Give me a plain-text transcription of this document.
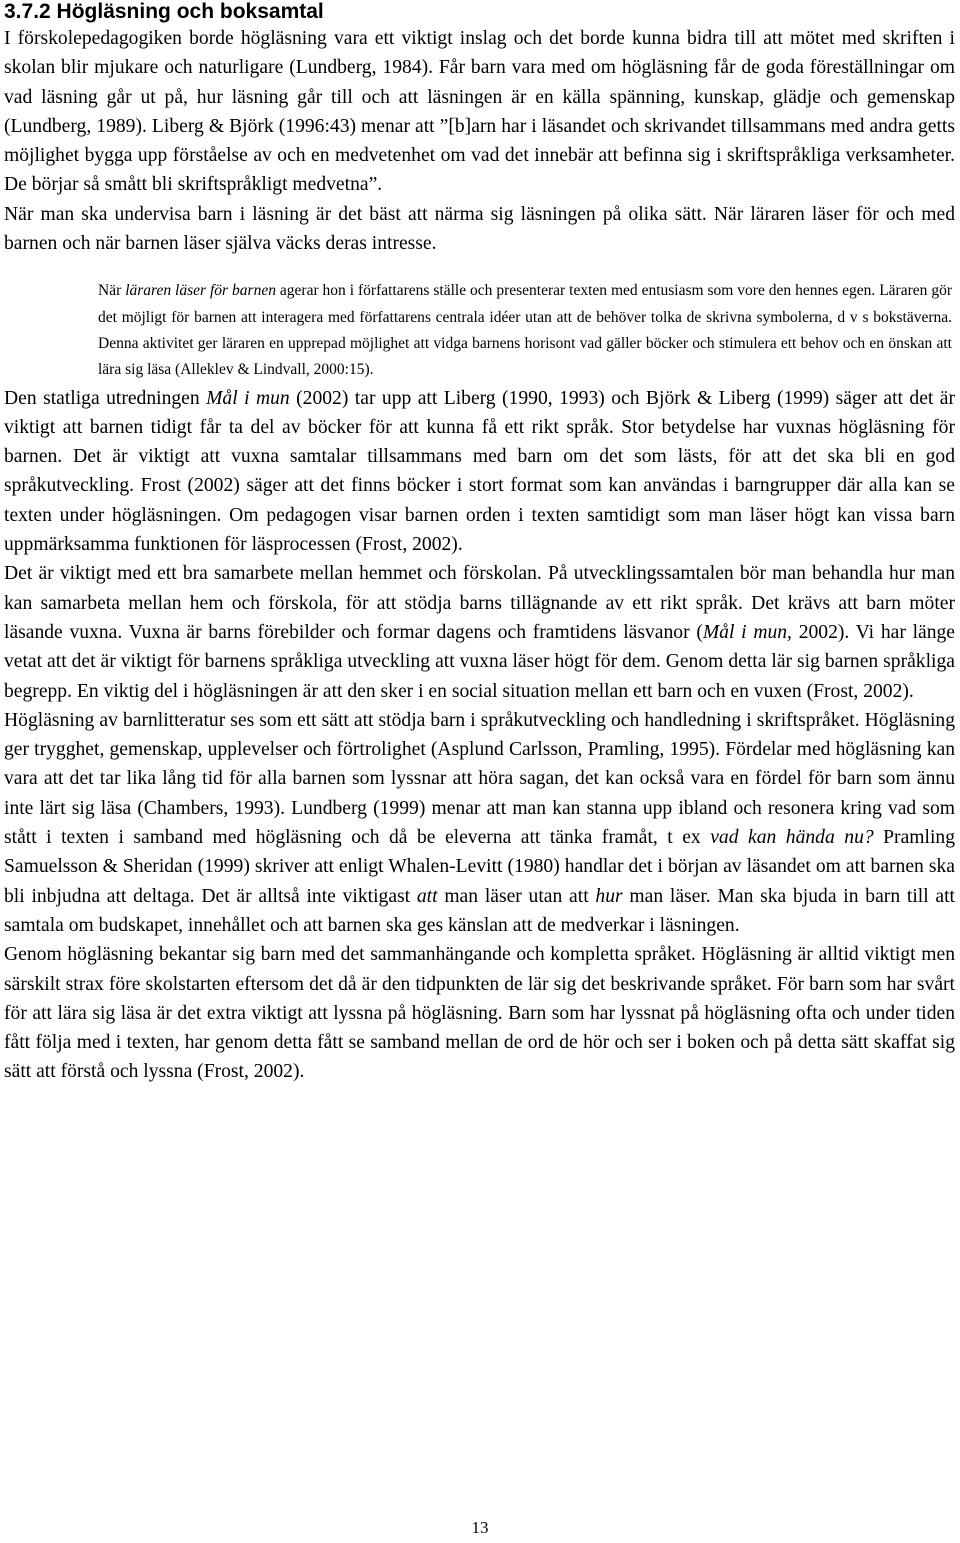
3.7.2 Högläsning och boksamtal

I förskolepedagogiken borde högläsning vara ett viktigt inslag och det borde kunna bidra till att mötet med skriften i skolan blir mjukare och naturligare (Lundberg, 1984). Får barn vara med om högläsning får de goda föreställningar om vad läsning går ut på, hur läsning går till och att läsningen är en källa spänning, kunskap, glädje och gemenskap (Lundberg, 1989). Liberg & Björk (1996:43) menar att ”[b]arn har i läsandet och skrivandet tillsammans med andra getts möjlighet bygga upp förståelse av och en medvetenhet om vad det innebär att befinna sig i skriftspråkliga verksamheter. De börjar så smått bli skriftspråkligt medvetna”.

När man ska undervisa barn i läsning är det bäst att närma sig läsningen på olika sätt. När läraren läser för och med barnen och när barnen läser själva väcks deras intresse.

När läraren läser för barnen agerar hon i författarens ställe och presenterar texten med entusiasm som vore den hennes egen. Läraren gör det möjligt för barnen att interagera med författarens centrala idéer utan att de behöver tolka de skrivna symbolerna, d v s bokstäverna. Denna aktivitet ger läraren en upprepad möjlighet att vidga barnens horisont vad gäller böcker och stimulera ett behov och en önskan att lära sig läsa (Alleklev & Lindvall, 2000:15).

Den statliga utredningen Mål i mun (2002) tar upp att Liberg (1990, 1993) och Björk & Liberg (1999) säger att det är viktigt att barnen tidigt får ta del av böcker för att kunna få ett rikt språk. Stor betydelse har vuxnas högläsning för barnen. Det är viktigt att vuxna samtalar tillsammans med barn om det som lästs, för att det ska bli en god språkutveckling. Frost (2002) säger att det finns böcker i stort format som kan användas i barngrupper där alla kan se texten under högläsningen. Om pedagogen visar barnen orden i texten samtidigt som man läser högt kan vissa barn uppmärksamma funktionen för läsprocessen (Frost, 2002).

Det är viktigt med ett bra samarbete mellan hemmet och förskolan. På utvecklingssamtalen bör man behandla hur man kan samarbeta mellan hem och förskola, för att stödja barns tillägnande av ett rikt språk. Det krävs att barn möter läsande vuxna. Vuxna är barns förebilder och formar dagens och framtidens läsvanor (Mål i mun, 2002). Vi har länge vetat att det är viktigt för barnens språkliga utveckling att vuxna läser högt för dem. Genom detta lär sig barnen språkliga begrepp. En viktig del i högläsningen är att den sker i en social situation mellan ett barn och en vuxen (Frost, 2002).

Högläsning av barnlitteratur ses som ett sätt att stödja barn i språkutveckling och handledning i skriftspråket. Högläsning ger trygghet, gemenskap, upplevelser och förtrolighet (Asplund Carlsson, Pramling, 1995). Fördelar med högläsning kan vara att det tar lika lång tid för alla barnen som lyssnar att höra sagan, det kan också vara en fördel för barn som ännu inte lärt sig läsa (Chambers, 1993). Lundberg (1999) menar att man kan stanna upp ibland och resonera kring vad som stått i texten i samband med högläsning och då be eleverna att tänka framåt, t ex vad kan hända nu? Pramling Samuelsson & Sheridan (1999) skriver att enligt Whalen-Levitt (1980) handlar det i början av läsandet om att barnen ska bli inbjudna att deltaga. Det är alltså inte viktigast att man läser utan att hur man läser. Man ska bjuda in barn till att samtala om budskapet, innehållet och att barnen ska ges känslan att de medverkar i läsningen.

Genom högläsning bekantar sig barn med det sammanhängande och kompletta språket. Högläsning är alltid viktigt men särskilt strax före skolstarten eftersom det då är den tidpunkten de lär sig det beskrivande språket. För barn som har svårt för att lära sig läsa är det extra viktigt att lyssna på högläsning. Barn som har lyssnat på högläsning ofta och under tiden fått följa med i texten, har genom detta fått se samband mellan de ord de hör och ser i boken och på detta sätt skaffat sig sätt att förstå och lyssna (Frost, 2002).

13
